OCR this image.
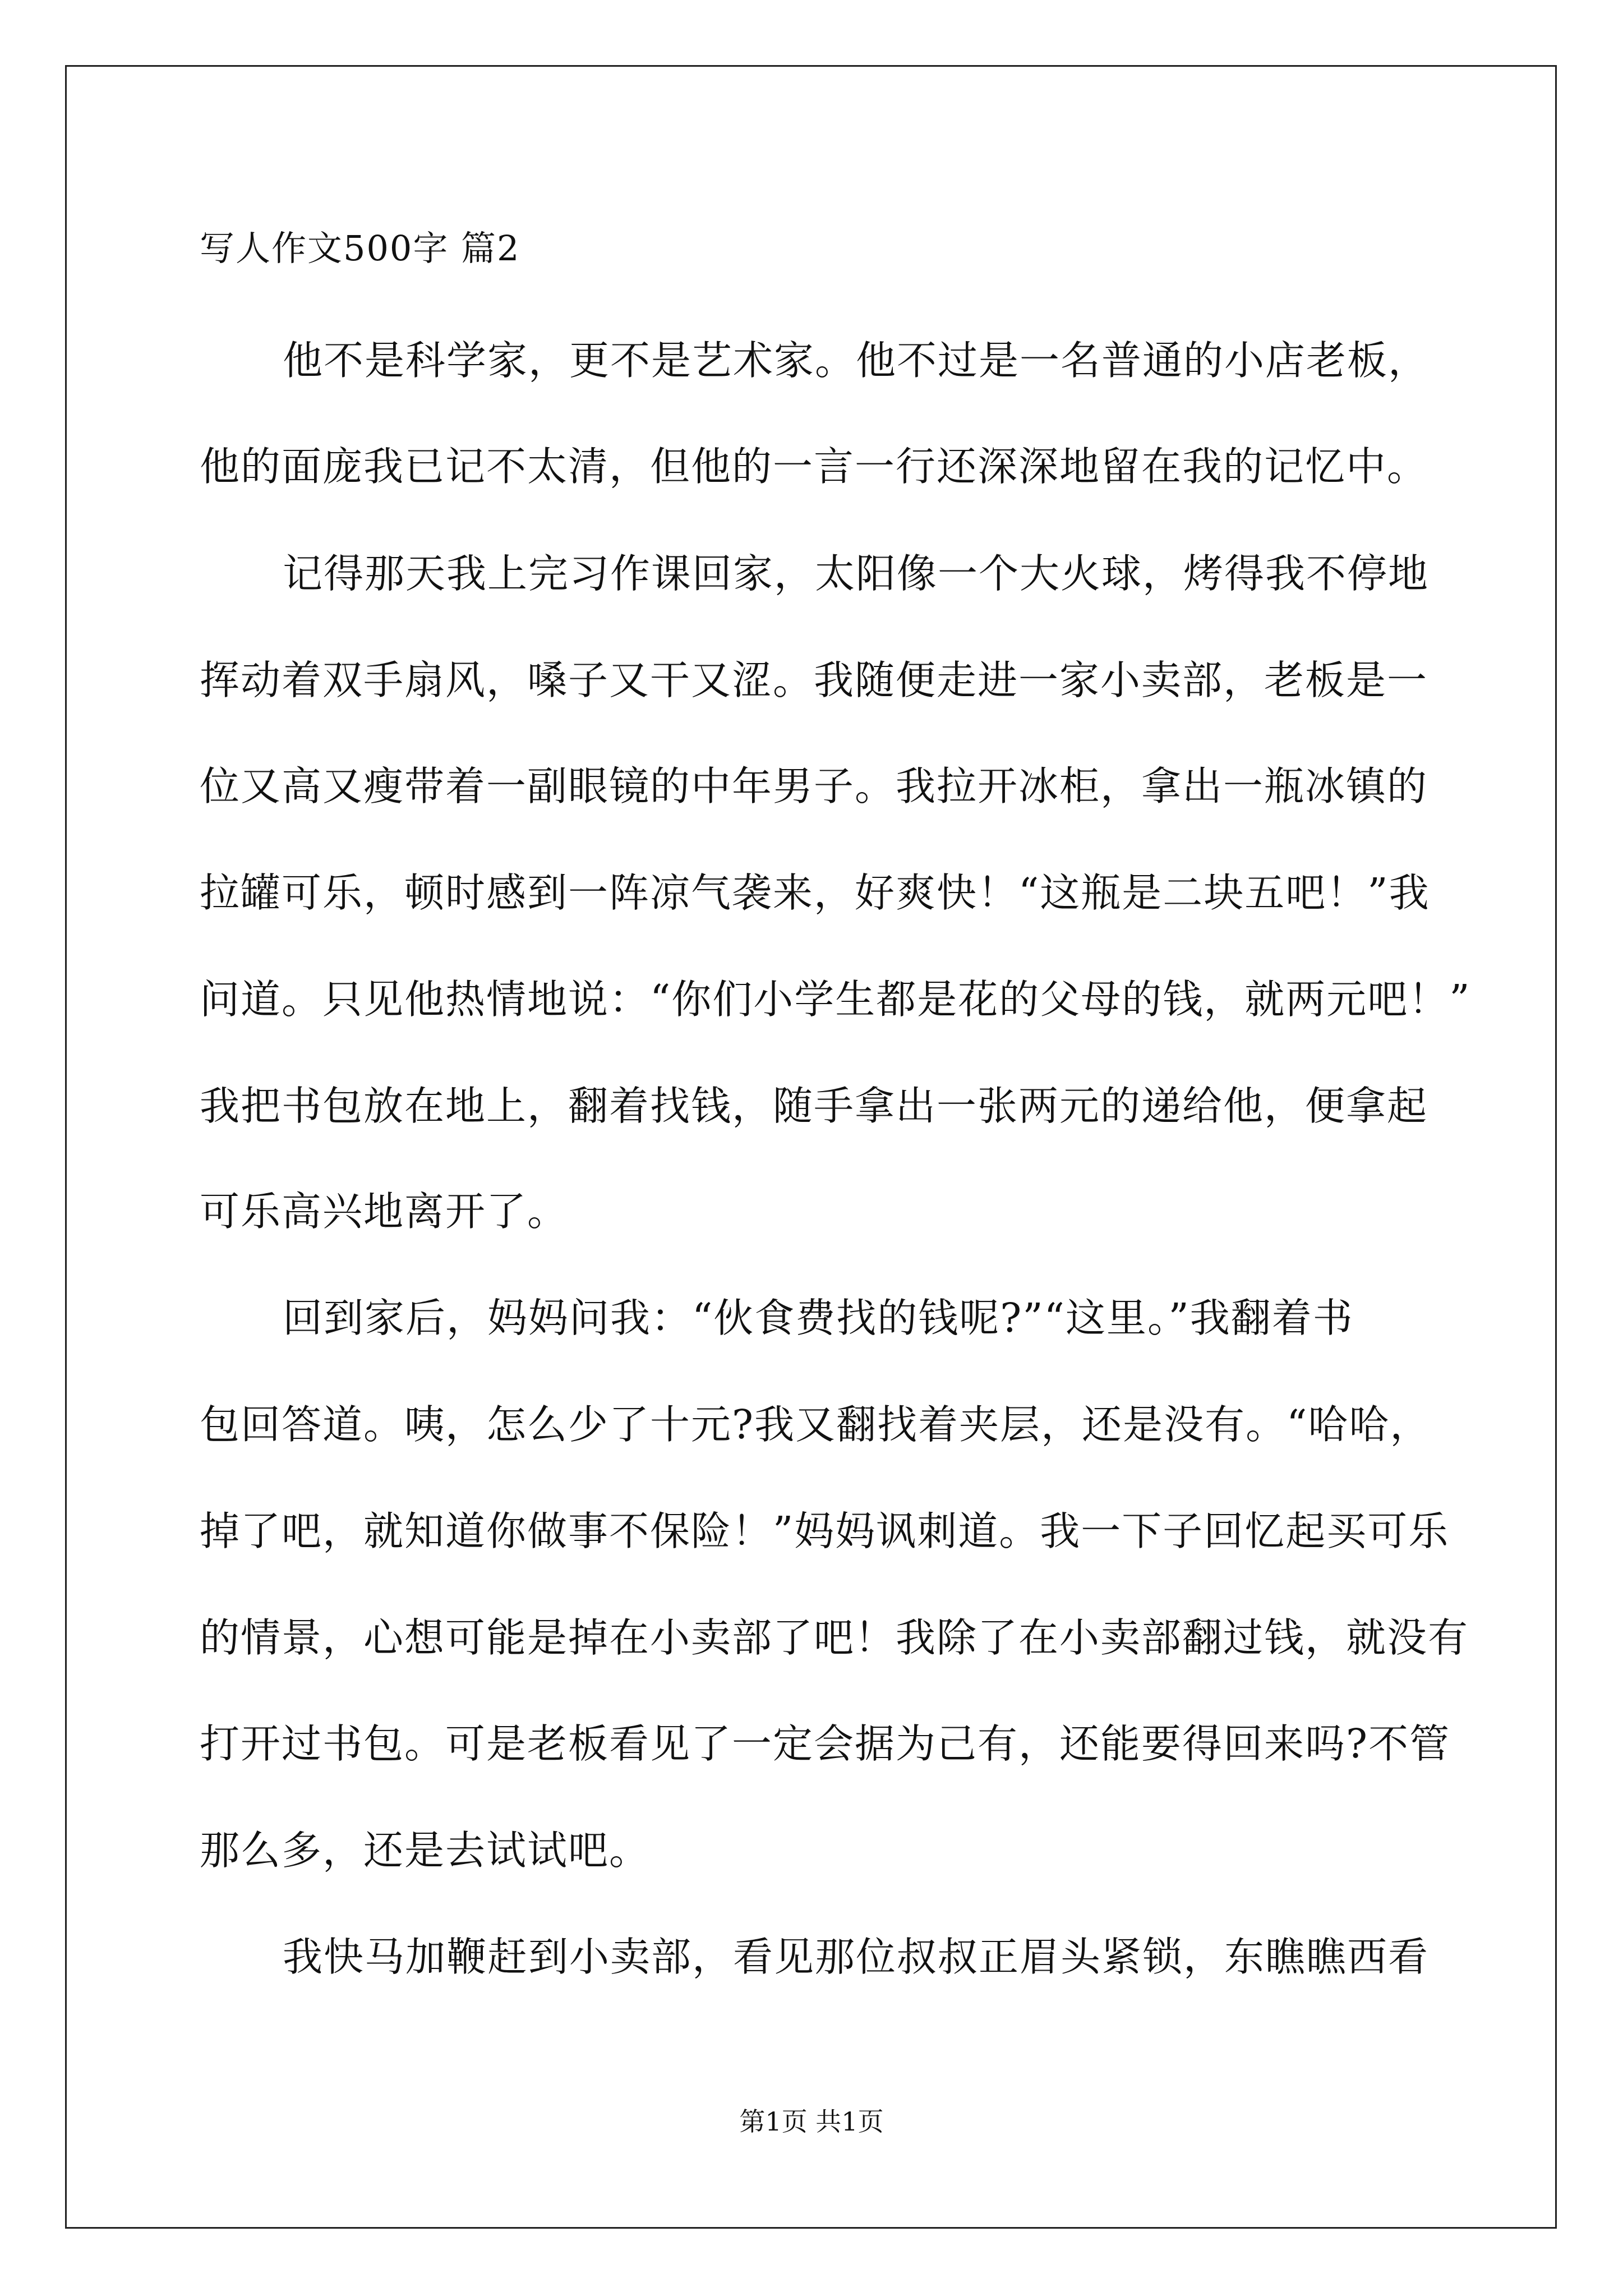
写人作文500字 篇2
他不是科学家，更不是艺术家。他不过是一名普通的小店老板，
他的面庞我已记不太清，但他的一言一行还深深地留在我的记忆中。
记得那天我上完习作课回家，太阳像一个大火球，烤得我不停地
挥动着双手扇风，嗓子又干又涩。我随便走进一家小卖部，老板是一
位又高又瘦带着一副眼镜的中年男子。我拉开冰柜，拿出一瓶冰镇的
拉罐可乐，顿时感到一阵凉气袭来，好爽快！“这瓶是二块五吧！”我
问道。只见他热情地说：“你们小学生都是花的父母的钱，就两元吧！”
我把书包放在地上，翻着找钱，随手拿出一张两元的递给他，便拿起
可乐高兴地离开了。
回到家后，妈妈问我：“伙食费找的钱呢?”“这里。”我翻着书
包回答道。咦，怎么少了十元?我又翻找着夹层，还是没有。“哈哈，
掉了吧，就知道你做事不保险！”妈妈讽刺道。我一下子回忆起买可乐
的情景，心想可能是掉在小卖部了吧！我除了在小卖部翻过钱，就没有
打开过书包。可是老板看见了一定会据为己有，还能要得回来吗?不管
那么多，还是去试试吧。
我快马加鞭赶到小卖部，看见那位叔叔正眉头紧锁，东瞧瞧西看
第1页 共1页
